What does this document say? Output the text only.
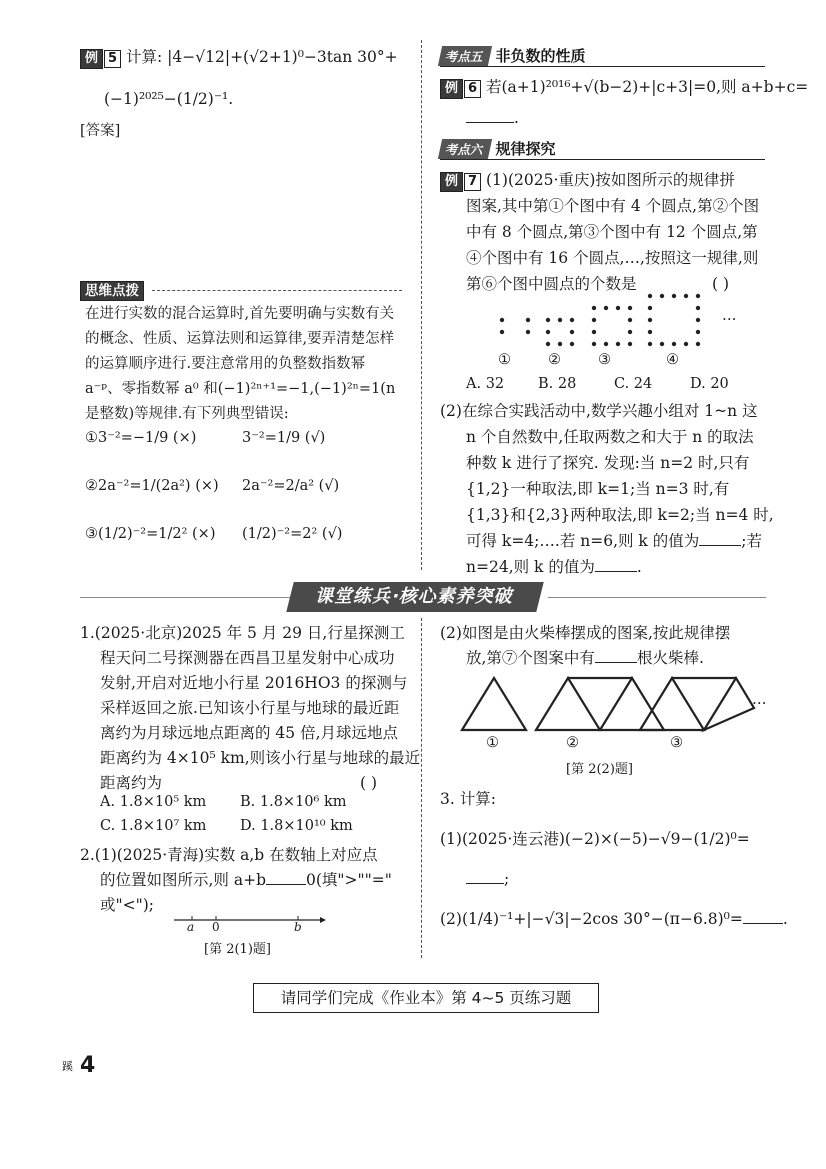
例 5 计算: |4−√12|+(√2+1)⁰−3tan 30°+
(−1)²⁰²⁵−(1/2)⁻¹.
[答案]
思维点拨
在进行实数的混合运算时,首先要明确与实数有关的概念、性质、运算法则和运算律,要弄清楚怎样的运算顺序进行.要注意常用的负整数指数幂
a⁻ᵖ、零指数幂 a⁰ 和(−1)²ⁿ⁺¹=−1,(−1)²ⁿ=1(n
是整数)等规律.有下列典型错误:
①3⁻²=−1/9 (×)	3⁻²=1/9 (√)
②2a⁻²=1/(2a²) (×) 2a⁻²=2/a² (√)
③(1/2)⁻²=1/2² (×) (1/2)⁻²=2² (√)
考点五 非负数的性质
例 6 若(a+1)²⁰¹⁶+√(b−2)+|c+3|=0,则 a+b+c=
.
考点六 规律探究
例 7 (1)(2025·重庆)按如图所示的规律拼
图案,其中第①个图中有 4 个圆点,第②个图
中有 8 个圆点,第③个图中有 12 个圆点,第
④个图中有 16 个圆点,…,按照这一规律,则
第⑥个图中圆点的个数是	( )
…
①	②	③	④
A. 32 B. 28	C. 24	D. 20
(2)在综合实践活动中,数学兴趣小组对 1~n 这
n 个自然数中,任取两数之和大于 n 的取法
种数 k 进行了探究. 发现:当 n=2 时,只有
{1,2}一种取法,即 k=1;当 n=3 时,有
{1,3}和{2,3}两种取法,即 k=2;当 n=4 时,
可得 k=4;….若 n=6,则 k 的值为	;若
n=24,则 k 的值为	.
课堂练兵·核心素养突破
1.(2025·北京)2025 年 5 月 29 日,行星探测工
程天问二号探测器在西昌卫星发射中心成功
发射,开启对近地小行星 2016HO3 的探测与
采样返回之旅.已知该小行星与地球的最近距
离约为月球远地点距离的 45 倍,月球远地点
距离约为 4×10⁵ km,则该小行星与地球的最近
距离约为	( )
A. 1.8×10⁵ km B. 1.8×10⁶ km
C. 1.8×10⁷ km D. 1.8×10¹⁰ km
2.(1)(2025·青海)实数 a,b 在数轴上对应点
的位置如图所示,则 a+b	0(填">""="
或"<");
a 0	b
[第 2(1)题]
(2)如图是由火柴棒摆成的图案,按此规律摆
放,第⑦个图案中有	根火柴棒.
…
①	②	③
[第 2(2)题]
3. 计算:
(1)(2025·连云港)(−2)×(−5)−√9−(1/2)⁰=
;
(2)(1/4)⁻¹+|−√3|−2cos 30°−(π−6.8)⁰=	.
请同学们完成《作业本》第 4~5 页练习题
蹊 4
